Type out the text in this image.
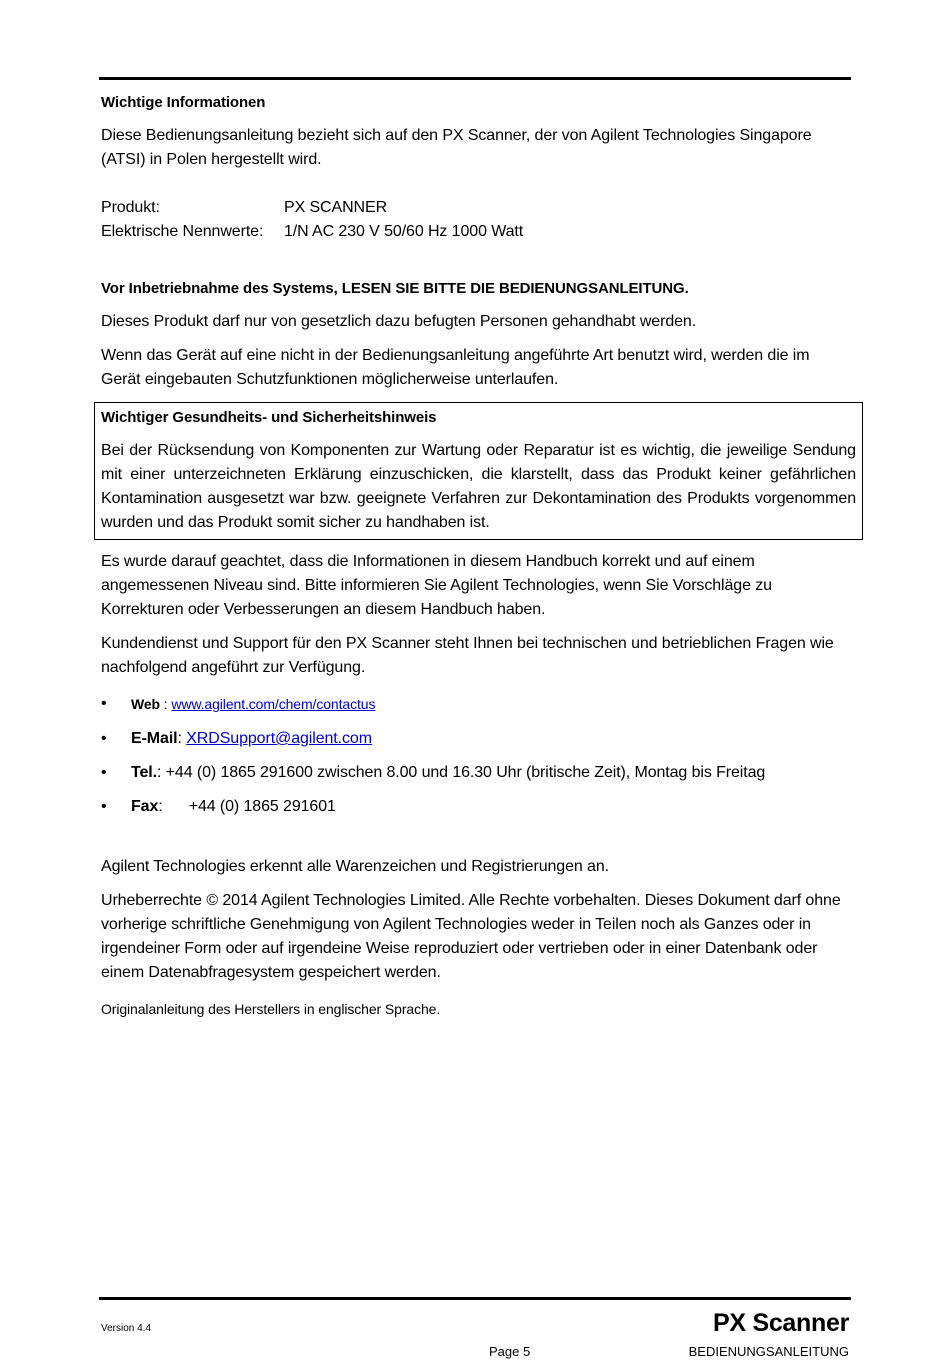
Wichtige Informationen

Diese Bedienungsanleitung bezieht sich auf den PX Scanner, der von Agilent Technologies Singapore (ATSI) in Polen hergestellt wird.

Produkt:	PX SCANNER
Elektrische Nennwerte:	1/N AC 230 V 50/60 Hz 1000 Watt

Vor Inbetriebnahme des Systems, LESEN SIE BITTE DIE BEDIENUNGSANLEITUNG.

Dieses Produkt darf nur von gesetzlich dazu befugten Personen gehandhabt werden.

Wenn das Gerät auf eine nicht in der Bedienungsanleitung angeführte Art benutzt wird, werden die im Gerät eingebauten Schutzfunktionen möglicherweise unterlaufen.

Wichtiger Gesundheits- und Sicherheitshinweis
Bei der Rücksendung von Komponenten zur Wartung oder Reparatur ist es wichtig, die jeweilige Sendung mit einer unterzeichneten Erklärung einzuschicken, die klarstellt, dass das Produkt keiner gefährlichen Kontamination ausgesetzt war bzw. geeignete Verfahren zur Dekontamination des Produkts vorgenommen wurden und das Produkt somit sicher zu handhaben ist.

Es wurde darauf geachtet, dass die Informationen in diesem Handbuch korrekt und auf einem angemessenen Niveau sind. Bitte informieren Sie Agilent Technologies, wenn Sie Vorschläge zu Korrekturen oder Verbesserungen an diesem Handbuch haben.

Kundendienst und Support für den PX Scanner steht Ihnen bei technischen und betrieblichen Fragen wie nachfolgend angeführt zur Verfügung.

• Web : www.agilent.com/chem/contactus
• E-Mail: XRDSupport@agilent.com
• Tel.: +44 (0) 1865 291600 zwischen 8.00 und 16.30 Uhr (britische Zeit), Montag bis Freitag
• Fax:      +44 (0) 1865 291601

Agilent Technologies erkennt alle Warenzeichen und Registrierungen an.

Urheberrechte © 2014 Agilent Technologies Limited. Alle Rechte vorbehalten. Dieses Dokument darf ohne vorherige schriftliche Genehmigung von Agilent Technologies weder in Teilen noch als Ganzes oder in irgendeiner Form oder auf irgendeine Weise reproduziert oder vertrieben oder in einer Datenbank oder einem Datenabfragesystem gespeichert werden.

Originalanleitung des Herstellers in englischer Sprache.

Version 4.4
Page 5
PX Scanner
BEDIENUNGSANLEITUNG
